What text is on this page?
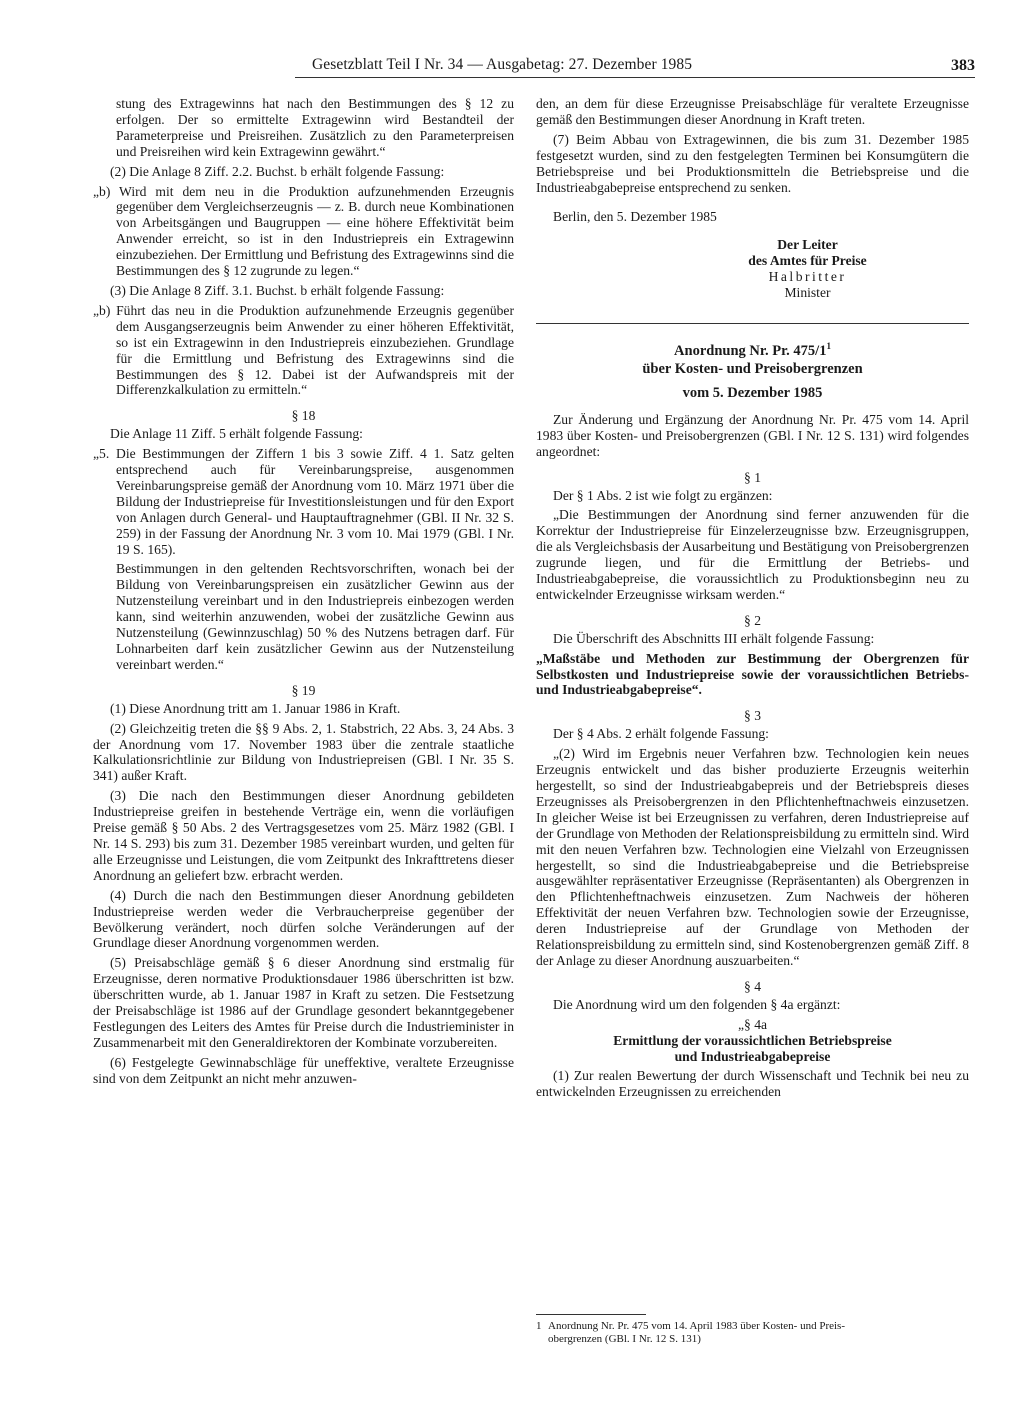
Gesetzblatt Teil I Nr. 34 — Ausgabetag: 27. Dezember 1985	383

stung des Extragewinns hat nach den Bestimmungen des § 12 zu erfolgen. Der so ermittelte Extragewinn wird Bestandteil der Parameterpreise und Preisreihen. Zusätzlich zu den Parameterpreisen und Preisreihen wird kein Extragewinn gewährt.“

(2) Die Anlage 8 Ziff. 2.2. Buchst. b erhält folgende Fassung:

„b) Wird mit dem neu in die Produktion aufzunehmenden Erzeugnis gegenüber dem Vergleichserzeugnis — z. B. durch neue Kombinationen von Arbeitsgängen und Baugruppen — eine höhere Effektivität beim Anwender erreicht, so ist in den Industriepreis ein Extragewinn einzubeziehen. Der Ermittlung und Befristung des Extragewinns sind die Bestimmungen des § 12 zugrunde zu legen.“

(3) Die Anlage 8 Ziff. 3.1. Buchst. b erhält folgende Fassung:

„b) Führt das neu in die Produktion aufzunehmende Erzeugnis gegenüber dem Ausgangserzeugnis beim Anwender zu einer höheren Effektivität, so ist ein Extragewinn in den Industriepreis einzubeziehen. Grundlage für die Ermittlung und Befristung des Extragewinns sind die Bestimmungen des § 12. Dabei ist der Aufwandspreis mit der Differenzkalkulation zu ermitteln.“

§ 18

Die Anlage 11 Ziff. 5 erhält folgende Fassung:

„5. Die Bestimmungen der Ziffern 1 bis 3 sowie Ziff. 4 1. Satz gelten entsprechend auch für Vereinbarungspreise, ausgenommen Vereinbarungspreise gemäß der Anordnung vom 10. März 1971 über die Bildung der Industriepreise für Investitionsleistungen und für den Export von Anlagen durch General- und Hauptauftragnehmer (GBl. II Nr. 32 S. 259) in der Fassung der Anordnung Nr. 3 vom 10. Mai 1979 (GBl. I Nr. 19 S. 165).

Bestimmungen in den geltenden Rechtsvorschriften, wonach bei der Bildung von Vereinbarungspreisen ein zusätzlicher Gewinn aus der Nutzensteilung vereinbart und in den Industriepreis einbezogen werden kann, sind weiterhin anzuwenden, wobei der zusätzliche Gewinn aus Nutzensteilung (Gewinnzuschlag) 50 % des Nutzens betragen darf. Für Lohnarbeiten darf kein zusätzlicher Gewinn aus der Nutzensteilung vereinbart werden.“

§ 19

(1) Diese Anordnung tritt am 1. Januar 1986 in Kraft.

(2) Gleichzeitig treten die §§ 9 Abs. 2, 1. Stabstrich, 22 Abs. 3, 24 Abs. 3 der Anordnung vom 17. November 1983 über die zentrale staatliche Kalkulationsrichtlinie zur Bildung von Industriepreisen (GBl. I Nr. 35 S. 341) außer Kraft.

(3) Die nach den Bestimmungen dieser Anordnung gebildeten Industriepreise greifen in bestehende Verträge ein, wenn die vorläufigen Preise gemäß § 50 Abs. 2 des Vertragsgesetzes vom 25. März 1982 (GBl. I Nr. 14 S. 293) bis zum 31. Dezember 1985 vereinbart wurden, und gelten für alle Erzeugnisse und Leistungen, die vom Zeitpunkt des Inkrafttretens dieser Anordnung an geliefert bzw. erbracht werden.

(4) Durch die nach den Bestimmungen dieser Anordnung gebildeten Industriepreise werden weder die Verbraucherpreise gegenüber der Bevölkerung verändert, noch dürfen solche Veränderungen auf der Grundlage dieser Anordnung vorgenommen werden.

(5) Preisabschläge gemäß § 6 dieser Anordnung sind erstmalig für Erzeugnisse, deren normative Produktionsdauer 1986 überschritten ist bzw. überschritten wurde, ab 1. Januar 1987 in Kraft zu setzen. Die Festsetzung der Preisabschläge ist 1986 auf der Grundlage gesondert bekanntgegebener Festlegungen des Leiters des Amtes für Preise durch die Industrieminister in Zusammenarbeit mit den Generaldirektoren der Kombinate vorzubereiten.

(6) Festgelegte Gewinnabschläge für uneffektive, veraltete Erzeugnisse sind von dem Zeitpunkt an nicht mehr anzuwen-

den, an dem für diese Erzeugnisse Preisabschläge für veraltete Erzeugnisse gemäß den Bestimmungen dieser Anordnung in Kraft treten.

(7) Beim Abbau von Extragewinnen, die bis zum 31. Dezember 1985 festgesetzt wurden, sind zu den festgelegten Terminen bei Konsumgütern die Betriebspreise und bei Produktionsmitteln die Betriebspreise und die Industrieabgabepreise entsprechend zu senken.

Berlin, den 5. Dezember 1985

Der Leiter
des Amtes für Preise
Halbritter
Minister

Anordnung Nr. Pr. $475/1^1$

über Kosten- und Preisobergrenzen

vom 5. Dezember 1985

Zur Änderung und Ergänzung der Anordnung Nr. Pr. 475 vom 14. April 1983 über Kosten- und Preisobergrenzen (GBl. I Nr. 12 S. 131) wird folgendes angeordnet:

§ 1

Der § 1 Abs. 2 ist wie folgt zu ergänzen:

„Die Bestimmungen der Anordnung sind ferner anzuwenden für die Korrektur der Industriepreise für Einzelerzeugnisse bzw. Erzeugnisgruppen, die als Vergleichsbasis der Ausarbeitung und Bestätigung von Preisobergrenzen zugrunde liegen, und für die Ermittlung der Betriebs- und Industrieabgabepreise, die voraussichtlich zu Produktionsbeginn neu zu entwickelnder Erzeugnisse wirksam werden.“

§ 2

Die Überschrift des Abschnitts III erhält folgende Fassung:

„Maßstäbe und Methoden zur Bestimmung der Obergrenzen für Selbstkosten und Industriepreise sowie der voraussichtlichen Betriebs- und Industrieabgabepreise“.

§ 3

Der § 4 Abs. 2 erhält folgende Fassung:

„(2) Wird im Ergebnis neuer Verfahren bzw. Technologien kein neues Erzeugnis entwickelt und das bisher produzierte Erzeugnis weiterhin hergestellt, so sind der Industrieabgabepreis und der Betriebspreis dieses Erzeugnisses als Preisobergrenzen in den Pflichtenheftnachweis einzusetzen. In gleicher Weise ist bei Erzeugnissen zu verfahren, deren Industriepreise auf der Grundlage von Methoden der Relationspreisbildung zu ermitteln sind. Wird mit den neuen Verfahren bzw. Technologien eine Vielzahl von Erzeugnissen hergestellt, so sind die Industrieabgabepreise und die Betriebspreise ausgewählter repräsentativer Erzeugnisse (Repräsentanten) als Obergrenzen in den Pflichtenheftnachweis einzusetzen. Zum Nachweis der höheren Effektivität der neuen Verfahren bzw. Technologien sowie der Erzeugnisse, deren Industriepreise auf der Grundlage von Methoden der Relationspreisbildung zu ermitteln sind, sind Kostenobergrenzen gemäß Ziff. 8 der Anlage zu dieser Anordnung auszuarbeiten.“

§ 4

Die Anordnung wird um den folgenden § 4a ergänzt:

„§ 4a

Ermittlung der voraussichtlichen Betriebspreise

und Industrieabgabepreise

(1) Zur realen Bewertung der durch Wissenschaft und Technik bei neu zu entwickelnden Erzeugnissen zu erreichenden

1 Anordnung Nr. Pr. 475 vom 14. April 1983 über Kosten- und Preis-
obergrenzen (GBl. I Nr. 12 S. 131)
